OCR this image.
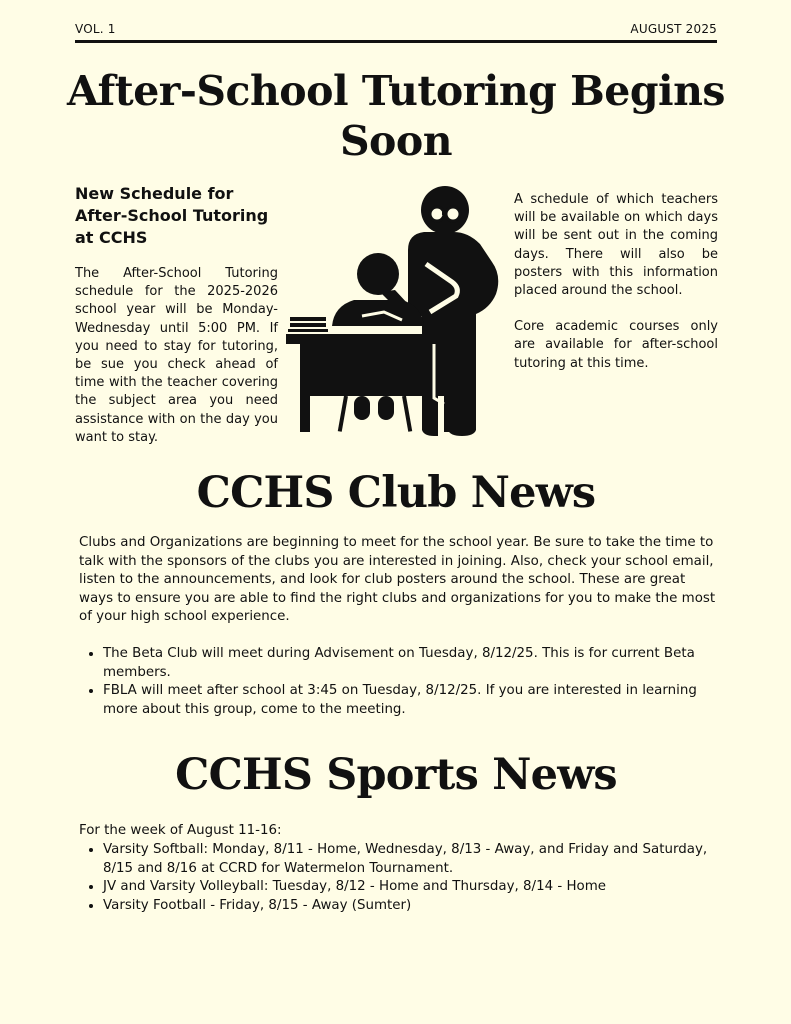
VOL. 1	AUGUST 2025
After-School Tutoring Begins Soon
New Schedule for After-School Tutoring at CCHS
The After-School Tutoring schedule for the 2025-2026 school year will be Monday-Wednesday until 5:00 PM. If you need to stay for tutoring, be sue you check ahead of time with the teacher covering the subject area you need assistance with on the day you want to stay.

A schedule of which teachers will be available on which days will be sent out in the coming days. There will also be posters with this information placed around the school.

Core academic courses only are available for after-school tutoring at this time.

CCHS Club News
Clubs and Organizations are beginning to meet for the school year. Be sure to take the time to talk with the sponsors of the clubs you are interested in joining. Also, check your school email, listen to the announcements, and look for club posters around the school. These are great ways to ensure you are able to find the right clubs and organizations for you to make the most of your high school experience.
• The Beta Club will meet during Advisement on Tuesday, 8/12/25. This is for current Beta members.
• FBLA will meet after school at 3:45 on Tuesday, 8/12/25. If you are interested in learning more about this group, come to the meeting.
CCHS Sports News
For the week of August 11-16:
• Varsity Softball: Monday, 8/11 - Home, Wednesday, 8/13 - Away, and Friday and Saturday, 8/15 and 8/16 at CCRD for Watermelon Tournament.
• JV and Varsity Volleyball: Tuesday, 8/12 - Home and Thursday, 8/14 - Home
• Varsity Football - Friday, 8/15 - Away (Sumter)
